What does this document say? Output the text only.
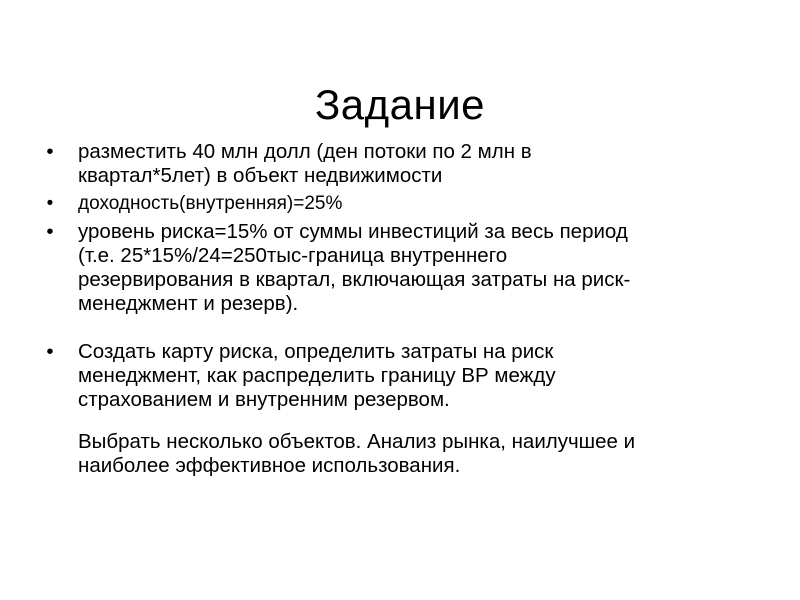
Задание

• разместить 40 млн долл (ден потоки по 2 млн в
квартал*5лет) в объект недвижимости

• доходность(внутренняя)=25%

• уровень риска=15% от суммы инвестиций за весь период
(т.е. 25*15%/24=250тыс-граница внутреннего
резервирования в квартал, включающая затраты на риск-
менеджмент и резерв).

• Создать карту риска, определить затраты на риск
менеджмент, как распределить границу ВР между
страхованием и внутренним резервом.

Выбрать несколько объектов. Анализ рынка, наилучшее и
наиболее эффективное использования.
